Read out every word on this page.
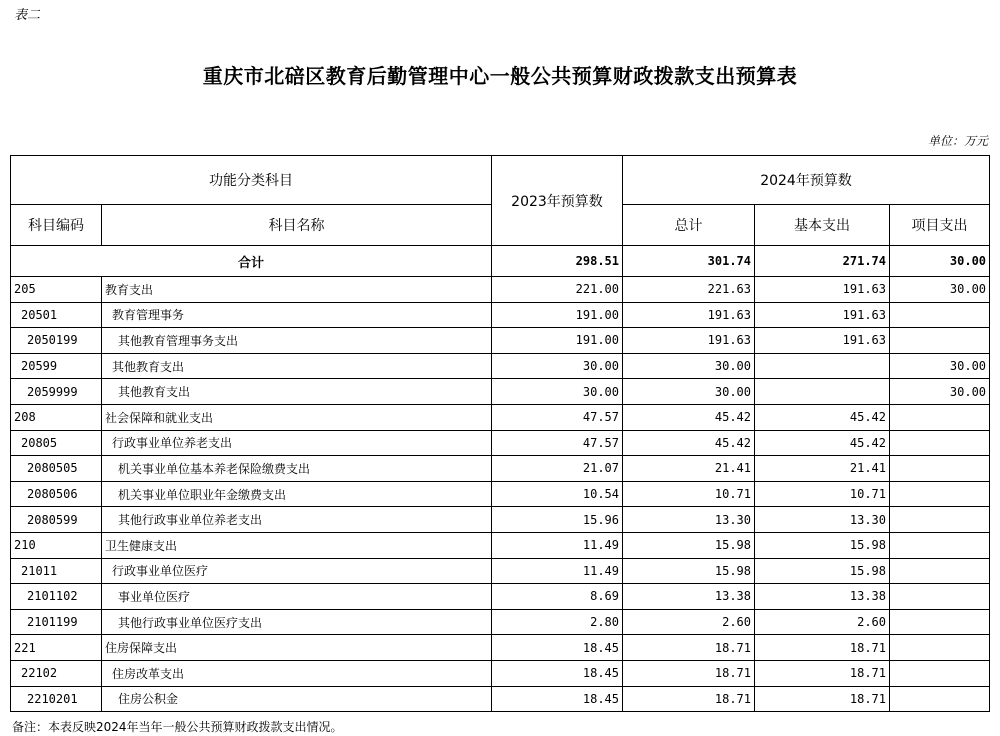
表二
重庆市北碚区教育后勤管理中心一般公共预算财政拨款支出预算表
单位：万元
功能分类科目		2023年预算数	2024年预算数		
科目编码	科目名称		总计	基本支出	项目支出
合计		298.51	301.74	271.74	30.00
205	教育支出	221.00	221.63	191.63	30.00
20501	教育管理事务	191.00	191.63	191.63	
2050199	其他教育管理事务支出	191.00	191.63	191.63	
20599	其他教育支出	30.00	30.00		30.00
2059999	其他教育支出	30.00	30.00		30.00
208	社会保障和就业支出	47.57	45.42	45.42	
20805	行政事业单位养老支出	47.57	45.42	45.42	
2080505	机关事业单位基本养老保险缴费支出	21.07	21.41	21.41	
2080506	机关事业单位职业年金缴费支出	10.54	10.71	10.71	
2080599	其他行政事业单位养老支出	15.96	13.30	13.30	
210	卫生健康支出	11.49	15.98	15.98	
21011	行政事业单位医疗	11.49	15.98	15.98	
2101102	事业单位医疗	8.69	13.38	13.38	
2101199	其他行政事业单位医疗支出	2.80	2.60	2.60	
221	住房保障支出	18.45	18.71	18.71	
22102	住房改革支出	18.45	18.71	18.71	
2210201	住房公积金	18.45	18.71	18.71	
备注：本表反映2024年当年一般公共预算财政拨款支出情况。
